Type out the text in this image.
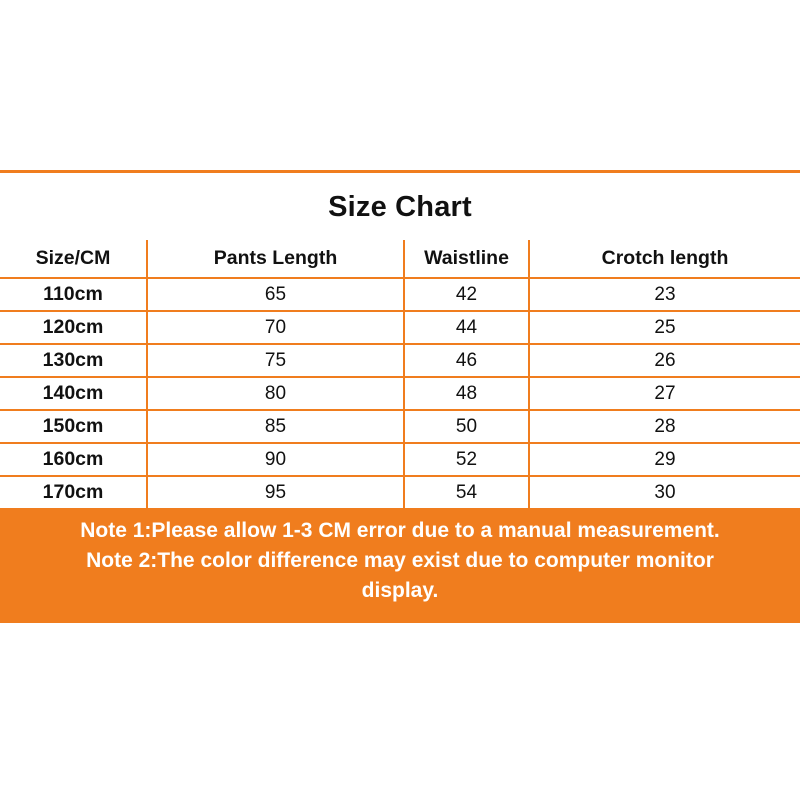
Size Chart
Size/CM	Pants Length	Waistline	Crotch length
110cm	65	42	23
120cm	70	44	25
130cm	75	46	26
140cm	80	48	27
150cm	85	50	28
160cm	90	52	29
170cm	95	54	30
Note 1:Please allow 1-3 CM error due to a manual measurement.
Note 2:The color difference may exist due to computer monitor
display.
